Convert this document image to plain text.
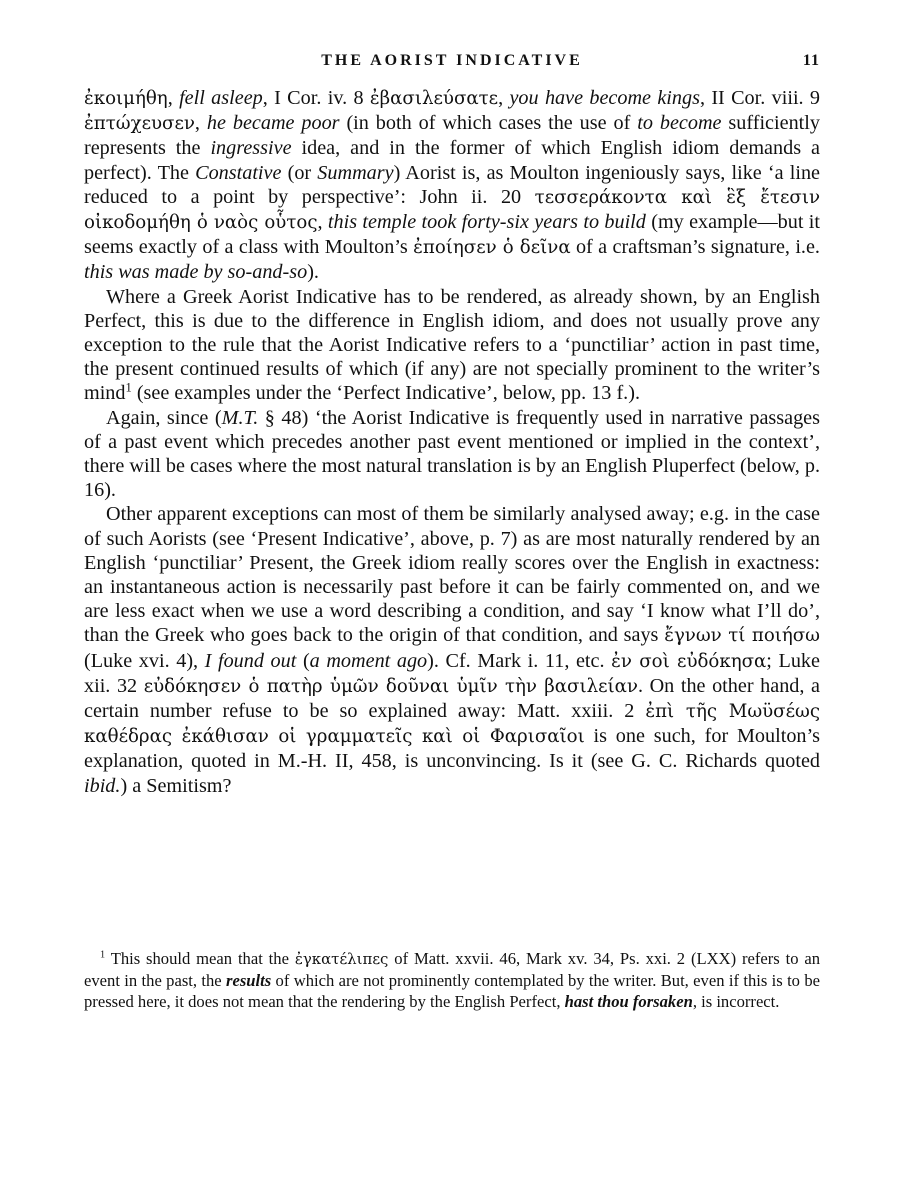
THE AORIST INDICATIVE	11

ἐκοιμήθη, fell asleep, I Cor. iv. 8 ἐβασιλεύσατε, you have become kings, II Cor. viii. 9 ἐπτώχευσεν, he became poor (in both of which cases the use of to become sufficiently represents the ingressive idea, and in the former of which English idiom demands a perfect). The Constative (or Summary) Aorist is, as Moulton ingeniously says, like ‘a line reduced to a point by perspective’: John ii. 20 τεσσεράκοντα καὶ ἓξ ἔτεσιν οἰκοδομήθη ὁ ναὸς οὗτος, this temple took forty-six years to build (my example—but it seems exactly of a class with Moulton’s ἐποίησεν ὁ δεῖνα of a craftsman’s signature, i.e. this was made by so-and-so).

Where a Greek Aorist Indicative has to be rendered, as already shown, by an English Perfect, this is due to the difference in English idiom, and does not usually prove any exception to the rule that the Aorist Indicative refers to a ‘punctiliar’ action in past time, the present continued results of which (if any) are not specially prominent to the writer’s mind$^1$ (see examples under the ‘Perfect Indicative’, below, pp. 13 f.).

Again, since (M.T. § 48) ‘the Aorist Indicative is frequently used in narrative passages of a past event which precedes another past event mentioned or implied in the context’, there will be cases where the most natural translation is by an English Pluperfect (below, p. 16).

Other apparent exceptions can most of them be similarly analysed away; e.g. in the case of such Aorists (see ‘Present Indicative’, above, p. 7) as are most naturally rendered by an English ‘punctiliar’ Present, the Greek idiom really scores over the English in exactness: an instantaneous action is necessarily past before it can be fairly commented on, and we are less exact when we use a word describing a condition, and say ‘I know what I’ll do’, than the Greek who goes back to the origin of that condition, and says ἔγνων τί ποιήσω (Luke xvi. 4), I found out (a moment ago). Cf. Mark i. 11, etc. ἐν σοὶ εὐδόκησα; Luke xii. 32 εὐδόκησεν ὁ πατὴρ ὑμῶν δοῦναι ὑμῖν τὴν βασιλείαν. On the other hand, a certain number refuse to be so explained away: Matt. xxiii. 2 ἐπὶ τῆς Μωϋσέως καθέδρας ἐκάθισαν οἱ γραμματεῖς καὶ οἱ Φαρισαῖοι is one such, for Moulton’s explanation, quoted in M.-H. II, 458, is unconvincing. Is it (see G. C. Richards quoted ibid.) a Semitism?

$^1$ This should mean that the ἐγκατέλιπες of Matt. xxvii. 46, Mark xv. 34, Ps. xxi. 2 (LXX) refers to an event in the past, the results of which are not prominently contemplated by the writer. But, even if this is to be pressed here, it does not mean that the rendering by the English Perfect, hast thou forsaken, is incorrect.
